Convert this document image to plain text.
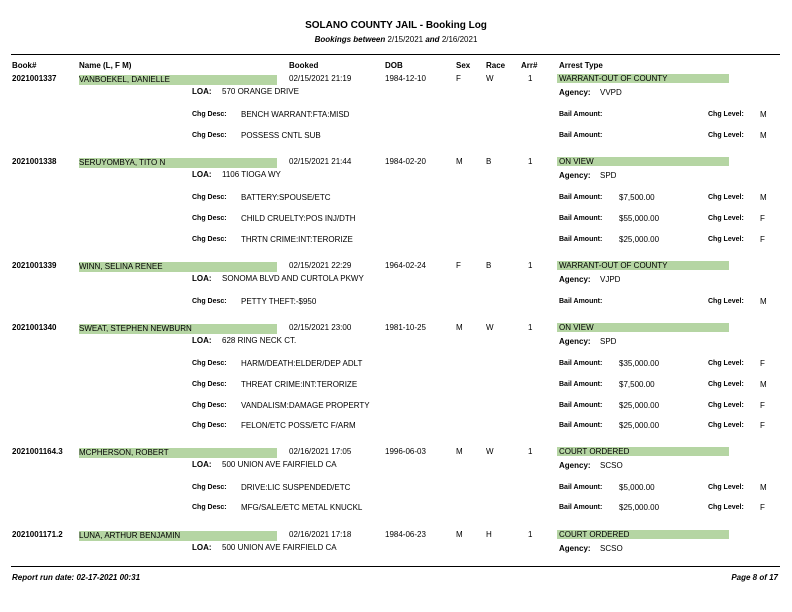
SOLANO COUNTY JAIL - Booking Log
Bookings between 2/15/2021 and 2/16/2021
Book#	Name (L, F M)	Booked	DOB	Sex Race Arr#	Arrest Type
2021001337	VANBOEKEL, DANIELLE	02/15/2021 21:19	1984-12-10	F	W	1	WARRANT-OUT OF COUNTY
LOA: 570 ORANGE DRIVE	Agency: VVPD
Chg Desc: BENCH WARRANT:FTA:MISD	Bail Amount:	Chg Level: M
Chg Desc: POSSESS CNTL SUB	Bail Amount:	Chg Level: M
2021001338	SERUYOMBYA, TITO N	02/15/2021 21:44	1984-02-20	M	B	1	ON VIEW
LOA: 1106 TIOGA WY	Agency: SPD
Chg Desc: BATTERY:SPOUSE/ETC	Bail Amount: $7,500.00	Chg Level: M
Chg Desc: CHILD CRUELTY:POS INJ/DTH	Bail Amount: $55,000.00	Chg Level: F
Chg Desc: THRTN CRIME:INT:TERORIZE	Bail Amount: $25,000.00	Chg Level: F
2021001339	WINN, SELINA RENEE	02/15/2021 22:29	1964-02-24	F	B	1	WARRANT-OUT OF COUNTY
LOA: SONOMA BLVD AND CURTOLA PKWY	Agency: VJPD
Chg Desc: PETTY THEFT:-$950	Bail Amount:	Chg Level: M
2021001340	SWEAT, STEPHEN NEWBURN	02/15/2021 23:00	1981-10-25	M	W	1	ON VIEW
LOA: 628 RING NECK CT.	Agency: SPD
Chg Desc: HARM/DEATH:ELDER/DEP ADLT	Bail Amount: $35,000.00	Chg Level: F
Chg Desc: THREAT CRIME:INT:TERORIZE	Bail Amount: $7,500.00	Chg Level: M
Chg Desc: VANDALISM:DAMAGE PROPERTY	Bail Amount: $25,000.00	Chg Level: F
Chg Desc: FELON/ETC POSS/ETC F/ARM	Bail Amount: $25,000.00	Chg Level: F
2021001164.3 MCPHERSON, ROBERT	02/16/2021 17:05	1996-06-03	M	W	1	COURT ORDERED
LOA: 500 UNION AVE FAIRFIELD CA	Agency: SCSO
Chg Desc: DRIVE:LIC SUSPENDED/ETC	Bail Amount: $5,000.00	Chg Level: M
Chg Desc: MFG/SALE/ETC METAL KNUCKL	Bail Amount: $25,000.00	Chg Level: F
2021001171.2 LUNA, ARTHUR BENJAMIN	02/16/2021 17:18	1984-06-23	M	H	1	COURT ORDERED
LOA: 500 UNION AVE FAIRFIELD CA	Agency: SCSO
Report run date: 02-17-2021 00:31	Page 8 of 17
